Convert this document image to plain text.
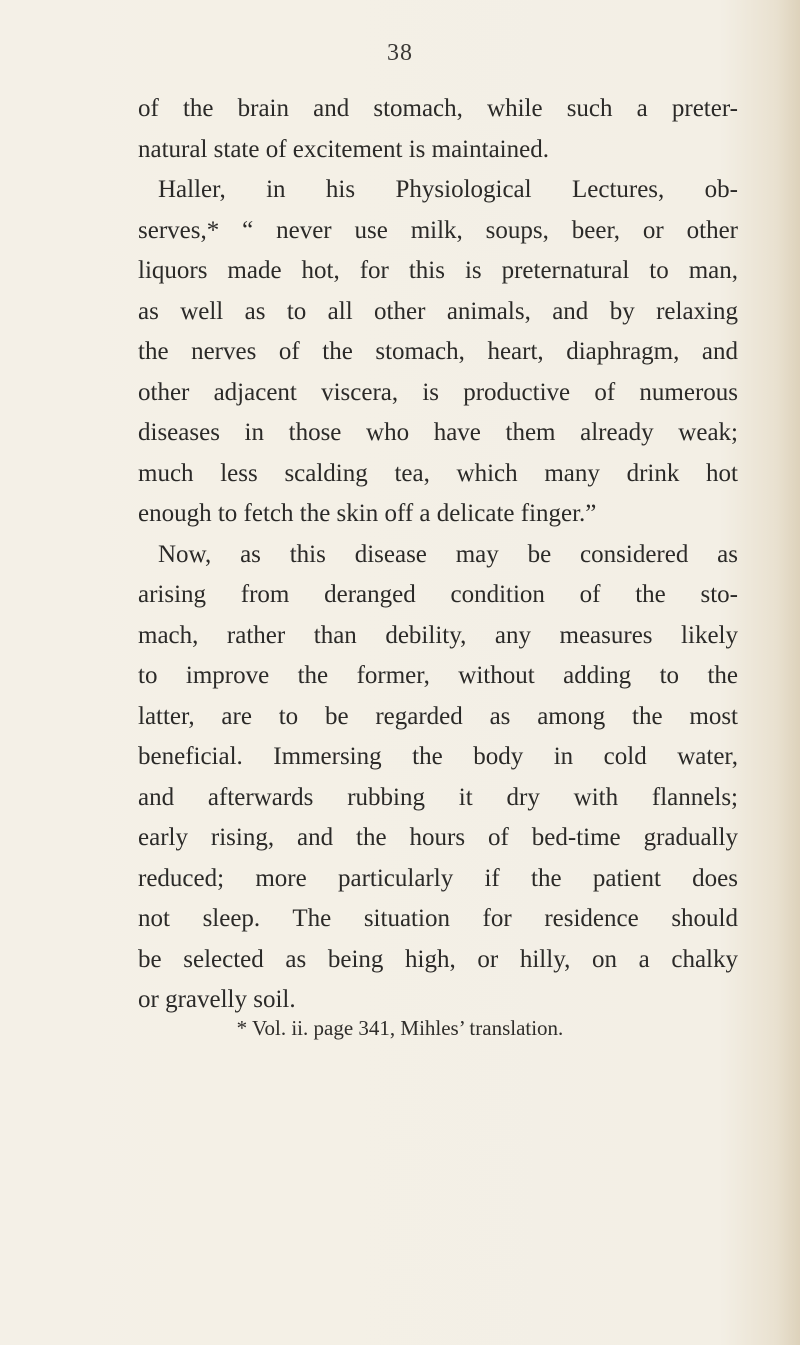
38
of the brain and stomach, while such a preter-
natural state of excitement is maintained.
Haller, in his Physiological Lectures, ob-
serves,* “ never use milk, soups, beer, or other
liquors made hot, for this is preternatural to man,
as well as to all other animals, and by relaxing
the nerves of the stomach, heart, diaphragm, and
other adjacent viscera, is productive of numerous
diseases in those who have them already weak;
much less scalding tea, which many drink hot
enough to fetch the skin off a delicate finger.”
Now, as this disease may be considered as
arising from deranged condition of the sto-
mach, rather than debility, any measures likely
to improve the former, without adding to the
latter, are to be regarded as among the most
beneficial. Immersing the body in cold water,
and afterwards rubbing it dry with flannels;
early rising, and the hours of bed-time gradually
reduced; more particularly if the patient does
not sleep. The situation for residence should
be selected as being high, or hilly, on a chalky
or gravelly soil.
* Vol. ii. page 341, Mihles’ translation.
